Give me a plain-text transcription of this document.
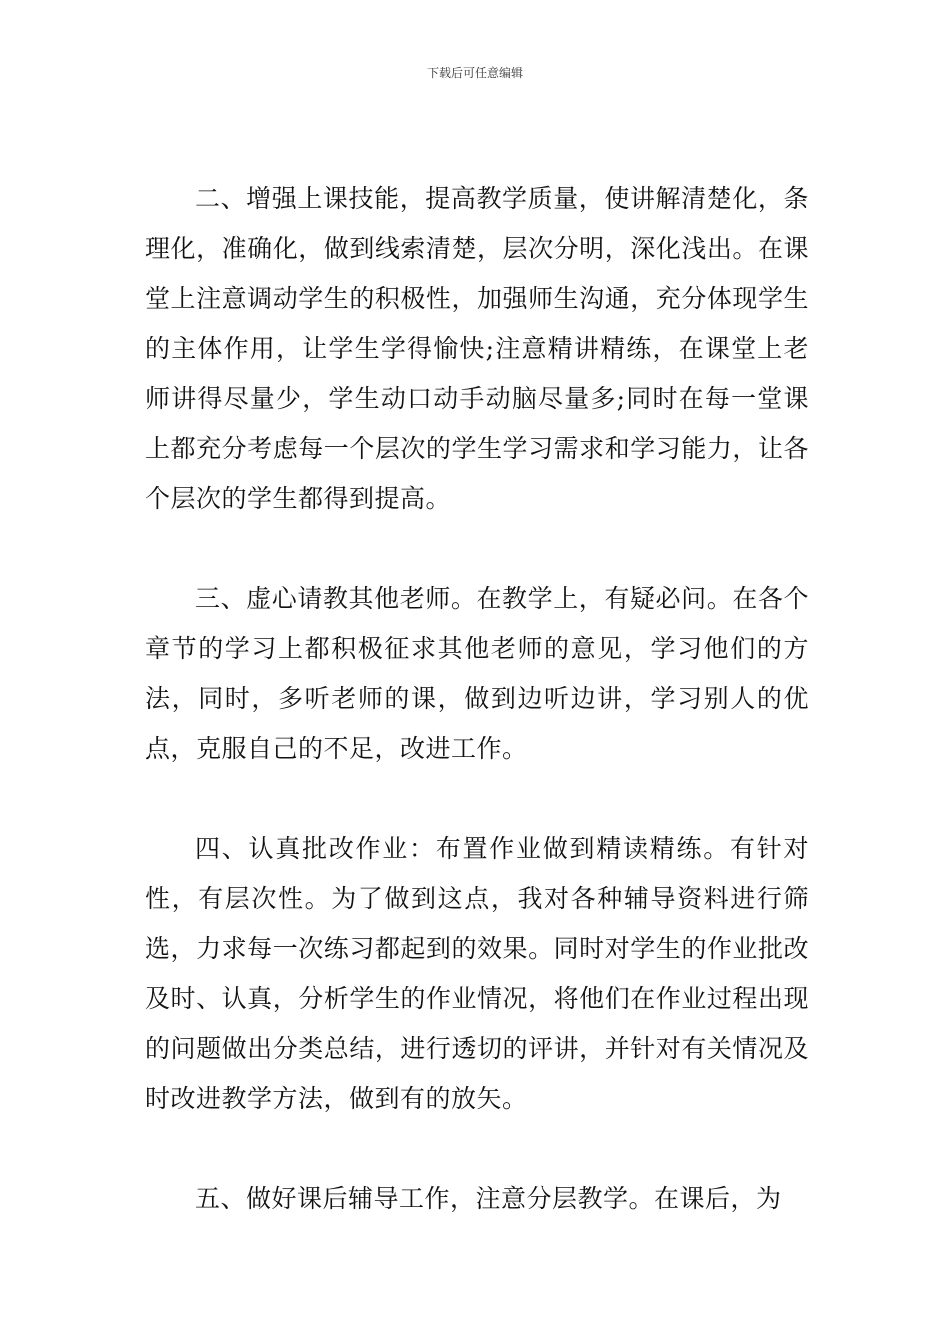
下载后可任意编辑

二、增强上课技能，提高教学质量，使讲解清楚化，条理化，准确化，做到线索清楚，层次分明，深化浅出。在课堂上注意调动学生的积极性，加强师生沟通，充分体现学生的主体作用，让学生学得愉快;注意精讲精练，在课堂上老师讲得尽量少，学生动口动手动脑尽量多;同时在每一堂课上都充分考虑每一个层次的学生学习需求和学习能力，让各个层次的学生都得到提高。

三、虚心请教其他老师。在教学上，有疑必问。在各个章节的学习上都积极征求其他老师的意见，学习他们的方法，同时，多听老师的课，做到边听边讲，学习别人的优点，克服自己的不足，改进工作。

四、认真批改作业：布置作业做到精读精练。有针对性，有层次性。为了做到这点，我对各种辅导资料进行筛选，力求每一次练习都起到的效果。同时对学生的作业批改及时、认真，分析学生的作业情况，将他们在作业过程出现的问题做出分类总结，进行透切的评讲，并针对有关情况及时改进教学方法，做到有的放矢。

五、做好课后辅导工作，注意分层教学。在课后，为
